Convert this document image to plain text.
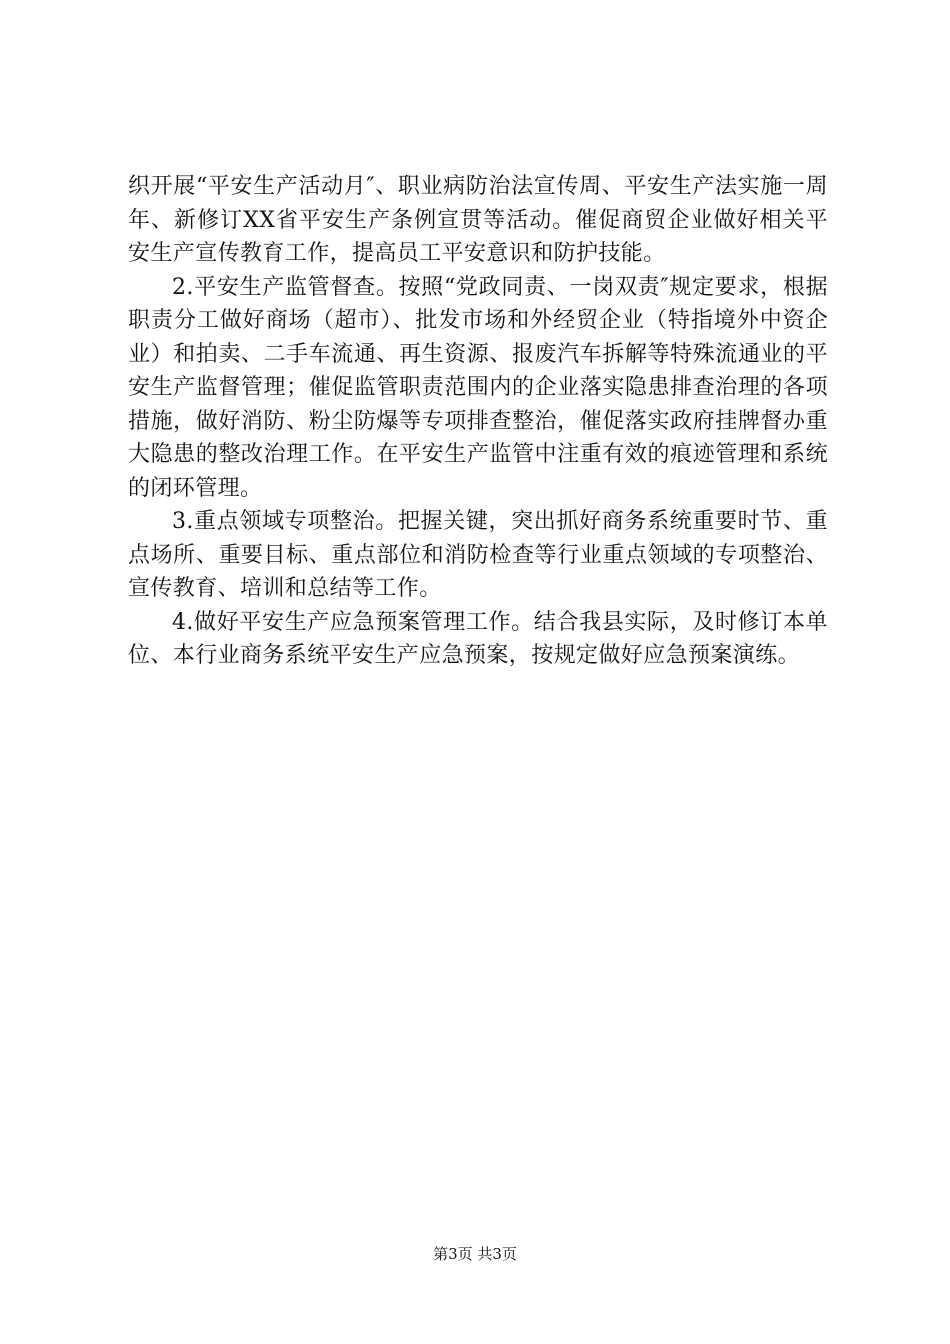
织开展“平安生产活动月″、职业病防治法宣传周、平安生产法实施一周年、新修订XX省平安生产条例宣贯等活动。催促商贸企业做好相关平安生产宣传教育工作，提高员工平安意识和防护技能。

2.平安生产监管督查。按照“党政同责、一岗双责″规定要求，根据职责分工做好商场（超市）、批发市场和外经贸企业（特指境外中资企业）和拍卖、二手车流通、再生资源、报废汽车拆解等特殊流通业的平安生产监督管理；催促监管职责范围内的企业落实隐患排查治理的各项措施，做好消防、粉尘防爆等专项排查整治，催促落实政府挂牌督办重大隐患的整改治理工作。在平安生产监管中注重有效的痕迹管理和系统的闭环管理。

3.重点领域专项整治。把握关键，突出抓好商务系统重要时节、重点场所、重要目标、重点部位和消防检查等行业重点领域的专项整治、宣传教育、培训和总结等工作。

4.做好平安生产应急预案管理工作。结合我县实际，及时修订本单位、本行业商务系统平安生产应急预案，按规定做好应急预案演练。

第3页 共3页
